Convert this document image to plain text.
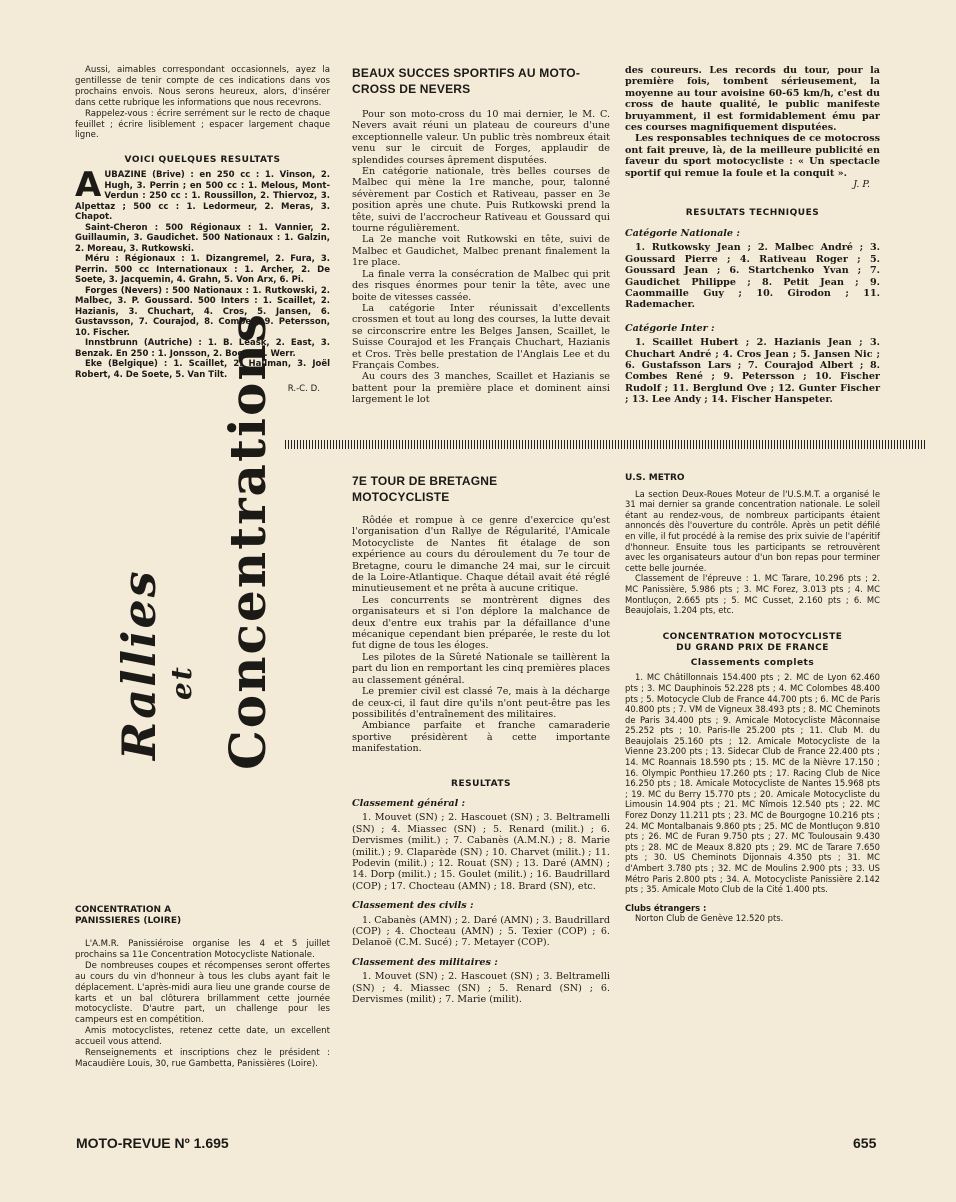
Aussi, aimables correspondant occasionnels, ayez la gentillesse de tenir compte de ces indications dans vos prochains envois. Nous serons heureux, alors, d'insérer dans cette rubrique les informations que nous recevrons.

Rappelez-vous : écrire serrément sur le recto de chaque feuillet ; écrire lisiblement ; espacer largement chaque ligne.

VOICI QUELQUES RESULTATS
A UBAZINE (Brive) : en 250 cc : 1. Vinson, 2. Hugh, 3. Perrin ; en 500 cc : 1. Melous, Mont-Verdun : 250 cc : 1. Roussillon, 2. Thiervoz, 3. Alpettaz ; 500 cc : 1. Ledormeur, 2. Meras, 3. Chapot.

Saint-Cheron : 500 Régionaux : 1. Vannier, 2. Guillaumin, 3. Gaudichet. 500 Nationaux : 1. Galzin, 2. Moreau, 3. Rutkowski.

Méru : Régionaux : 1. Dizangremel, 2. Fura, 3. Perrin. 500 cc Internationaux : 1. Archer, 2. De Soete, 3. Jacquemin, 4. Grahn, 5. Von Arx, 6. Pi.

Forges (Nevers) : 500 Nationaux : 1. Rutkowski, 2. Malbec, 3. P. Goussard. 500 Inters : 1. Scaillet, 2. Hazianis, 3. Chuchart, 4. Cros, 5. Jansen, 6. Gustavsson, 7. Courajod, 8. Combes, 9. Petersson, 10. Fischer.

Innstbrunn (Autriche) : 1. B. Leask, 2. East, 3. Benzak. En 250 : 1. Jonsson, 2. Boom, 3. Werr.

Eke (Belgique) : 1. Scaillet, 2. Hallman, 3. Joël Robert, 4. De Soete, 5. Van Tilt.

R.-C. D.
BEAUX SUCCES SPORTIFS AU MOTO-CROSS DE NEVERS

Pour son moto-cross du 10 mai dernier, le M. C. Nevers avait réuni un plateau de coureurs d'une exceptionnelle valeur. Un public très nombreux était venu sur le circuit de Forges, applaudir de splendides courses âprement disputées.

En catégorie nationale, très belles courses de Malbec qui mène la 1re manche, pour, talonné sévèrement par Costich et Rativeau, passer en 3e position après une chute. Puis Rutkowski prend la tête, suivi de l'accrocheur Rativeau et Goussard qui tourne régulièrement.

La 2e manche voit Rutkowski en tête, suivi de Malbec et Gaudichet, Malbec prenant finalement la 1re place.

La finale verra la consécration de Malbec qui prit des risques énormes pour tenir la tête, avec une boite de vitesses cassée.

La catégorie Inter réunissait d'excellents crossmen et tout au long des courses, la lutte devait se circonscrire entre les Belges Jansen, Scaillet, le Suisse Courajod et les Français Chuchart, Hazianis et Cros. Très belle prestation de l'Anglais Lee et du Français Combes.

Au cours des 3 manches, Scaillet et Hazianis se battent pour la première place et dominent ainsi largement le lot

des coureurs. Les records du tour, pour la première fois, tombent sérieusement, la moyenne au tour avoisine 60-65 km/h, c'est du cross de haute qualité, le public manifeste bruyamment, il est formidablement ému par ces courses magnifiquement disputées.

Les responsables techniques de ce motocross ont fait preuve, là, de la meilleure publicité en faveur du sport motocycliste : « Un spectacle sportif qui remue la foule et la conquit ».

J. P.
RESULTATS TECHNIQUES
Catégorie Nationale :

1. Rutkowsky Jean ; 2. Malbec André ; 3. Goussard Pierre ; 4. Rativeau Roger ; 5. Goussard Jean ; 6. Startchenko Yvan ; 7. Gaudichet Philippe ; 8. Petit Jean ; 9. Caommaille Guy ; 10. Girodon ; 11. Rademacher.

Catégorie Inter :

1. Scaillet Hubert ; 2. Hazianis Jean ; 3. Chuchart André ; 4. Cros Jean ; 5. Jansen Nic ; 6. Gustafsson Lars ; 7. Courajod Albert ; 8. Combes René ; 9. Petersson ; 10. Fischer Rudolf ; 11. Berglund Ove ; 12. Gunter Fischer ; 13. Lee Andy ; 14. Fischer Hanspeter.

Rallies et Concentrations
CONCENTRATION A PANISSIERES (LOIRE)

L'A.M.R. Panissiéroise organise les 4 et 5 juillet prochains sa 11e Concentration Motocycliste Nationale.

De nombreuses coupes et récompenses seront offertes au cours du vin d'honneur à tous les clubs ayant fait le déplacement. L'après-midi aura lieu une grande course de karts et un bal clôturera brillamment cette journée motocycliste. D'autre part, un challenge pour les campeurs est en compétition.

Amis motocyclistes, retenez cette date, un excellent accueil vous attend.

Renseignements et inscriptions chez le président : Macaudière Louis, 30, rue Gambetta, Panissières (Loire).

7E TOUR DE BRETAGNE MOTOCYCLISTE

Rôdée et rompue à ce genre d'exercice qu'est l'organisation d'un Rallye de Régularité, l'Amicale Motocycliste de Nantes fit étalage de son expérience au cours du déroulement du 7e tour de Bretagne, couru le dimanche 24 mai, sur le circuit de la Loire-Atlantique. Chaque détail avait été réglé minutieusement et ne prêta à aucune critique.

Les concurrents se montrèrent dignes des organisateurs et si l'on déplore la malchance de deux d'entre eux trahis par la défaillance d'une mécanique cependant bien préparée, le reste du lot fut digne de tous les éloges.

Les pilotes de la Sûreté Nationale se taillèrent la part du lion en remportant les cinq premières places au classement général.

Le premier civil est classé 7e, mais à la décharge de ceux-ci, il faut dire qu'ils n'ont peut-être pas les possibilités d'entraînement des militaires.

Ambiance parfaite et franche camaraderie sportive présidèrent à cette importante manifestation.

RESULTATS
Classement général :

1. Mouvet (SN) ; 2. Hascouet (SN) ; 3. Beltramelli (SN) ; 4. Miassec (SN) ; 5. Renard (milit.) ; 6. Dervismes (milit.) ; 7. Cabanès (A.M.N.) ; 8. Marie (milit.) ; 9. Claparède (SN) ; 10. Charvet (milit.) ; 11. Podevin (milit.) ; 12. Rouat (SN) ; 13. Daré (AMN) ; 14. Dorp (milit.) ; 15. Goulet (milit.) ; 16. Baudrillard (COP) ; 17. Chocteau (AMN) ; 18. Brard (SN), etc.

Classement des civils :

1. Cabanès (AMN) ; 2. Daré (AMN) ; 3. Baudrillard (COP) ; 4. Chocteau (AMN) ; 5. Texier (COP) ; 6. Delanoë (C.M. Sucé) ; 7. Metayer (COP).

Classement des militaires :

1. Mouvet (SN) ; 2. Hascouet (SN) ; 3. Beltramelli (SN) ; 4. Miassec (SN) ; 5. Renard (SN) ; 6. Dervismes (milit) ; 7. Marie (milit).

U.S. METRO

La section Deux-Roues Moteur de l'U.S.M.T. a organisé le 31 mai dernier sa grande concentration nationale. Le soleil étant au rendez-vous, de nombreux participants étaient annoncés dès l'ouverture du contrôle. Après un petit défilé en ville, il fut procédé à la remise des prix suivie de l'apéritif d'honneur. Ensuite tous les participants se retrouvèrent avec les organisateurs autour d'un bon repas pour terminer cette belle journée.

Classement de l'épreuve : 1. MC Tarare, 10.296 pts ; 2. MC Panissière, 5.986 pts ; 3. MC Forez, 3.013 pts ; 4. MC Montluçon, 2.665 pts ; 5. MC Cusset, 2.160 pts ; 6. MC Beaujolais, 1.204 pts, etc.

CONCENTRATION MOTOCYCLISTE DU GRAND PRIX DE FRANCE
Classements complets

1. MC Châtillonnais 154.400 pts ; 2. MC de Lyon 62.460 pts ; 3. MC Dauphinois 52.228 pts ; 4. MC Colombes 48.400 pts ; 5. Motocycle Club de France 44.700 pts ; 6. MC de Paris 40.800 pts ; 7. VM de Vigneux 38.493 pts ; 8. MC Cheminots de Paris 34.400 pts ; 9. Amicale Motocycliste Mâconnaise 25.252 pts ; 10. Paris-Ile 25.200 pts ; 11. Club M. du Beaujolais 25.160 pts ; 12. Amicale Motocycliste de la Vienne 23.200 pts ; 13. Sidecar Club de France 22.400 pts ; 14. MC Roannais 18.590 pts ; 15. MC de la Nièvre 17.150 ; 16. Olympic Ponthieu 17.260 pts ; 17. Racing Club de Nice 16.250 pts ; 18. Amicale Motocycliste de Nantes 15.968 pts ; 19. MC du Berry 15.770 pts ; 20. Amicale Motocycliste du Limousin 14.904 pts ; 21. MC Nîmois 12.540 pts ; 22. MC Forez Donzy 11.211 pts ; 23. MC de Bourgogne 10.216 pts ; 24. MC Montalbanais 9.860 pts ; 25. MC de Montluçon 9.810 pts ; 26. MC de Furan 9.750 pts ; 27. MC Toulousain 9.430 pts ; 28. MC de Meaux 8.820 pts ; 29. MC de Tarare 7.650 pts ; 30. US Cheminots Dijonnais 4.350 pts ; 31. MC d'Ambert 3.780 pts ; 32. MC de Moulins 2.900 pts ; 33. US Métro Paris 2.800 pts ; 34. A. Motocycliste Panissière 2.142 pts ; 35. Amicale Moto Club de la Cité 1.400 pts.

Clubs étrangers :

Norton Club de Genève 12.520 pts.

MOTO-REVUE Nº 1.695	655
